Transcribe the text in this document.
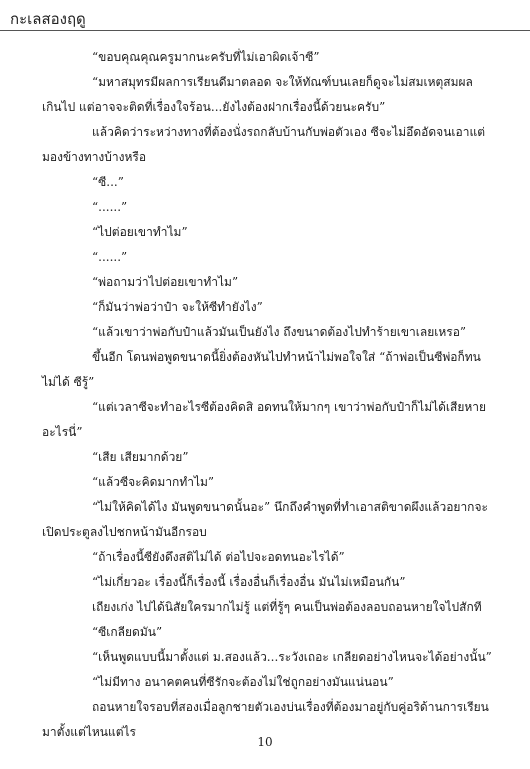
กะเลสองฤดู

“ขอบคุณคุณครูมากนะครับที่ไม่เอาผิดเจ้าซี”

“มหาสมุทรมีผลการเรียนดีมาตลอด จะให้ทัณฑ์บนเลยก็ดูจะไม่สมเหตุสมผลเกินไป แต่อาจจะติดที่เรื่องใจร้อน...ยังไงต้องฝากเรื่องนี้ด้วยนะครับ”

แล้วคิดว่าระหว่างทางที่ต้องนั่งรถกลับบ้านกับพ่อตัวเอง ซีจะไม่อึดอัดจนเอาแต่มองข้างทางบ้างหรือ

“ซี...”

“......”

“ไปต่อยเขาทำไม”

“......”

“พ่อถามว่าไปต่อยเขาทำไม”

“ก็มันว่าพ่อว่าป๋า จะให้ซีทำยังไง”

“แล้วเขาว่าพ่อกับป๋าแล้วมันเป็นยังไง ถึงขนาดต้องไปทำร้ายเขาเลยเหรอ”

ขึ้นอีก โดนพ่อพูดขนาดนี้ยิ่งต้องหันไปทำหน้าไม่พอใจใส่ “ถ้าพ่อเป็นซีพ่อก็ทนไม่ได้ ซีรู้”

“แต่เวลาซีจะทำอะไรซีต้องคิดสิ อดทนให้มากๆ เขาว่าพ่อกับป๋าก็ไม่ได้เสียหายอะไรนี่”

“เสีย เสียมากด้วย”

“แล้วซีจะคิดมากทำไม”

“ไม่ให้คิดได้ไง มันพูดขนาดนั้นอะ” นึกถึงคำพูดที่ทำเอาสติขาดผึงแล้วอยากจะเปิดประตูลงไปชกหน้ามันอีกรอบ

“ถ้าเรื่องนี้ซียังดึงสติไม่ได้ ต่อไปจะอดทนอะไรได้”

“ไม่เกี่ยวอะ เรื่องนี้ก็เรื่องนี้ เรื่องอื่นก็เรื่องอื่น มันไม่เหมือนกัน”

เถียงเก่ง ไปได้นิสัยใครมากไม่รู้ แต่ที่รู้ๆ คนเป็นพ่อต้องลอบถอนหายใจไปสักที

“ซีเกลียดมัน”

“เห็นพูดแบบนี้มาตั้งแต่ ม.สองแล้ว...ระวังเถอะ เกลียดอย่างไหนจะได้อย่างนั้น”

“ไม่มีทาง อนาคตคนที่ซีรักจะต้องไม่ใช่ถูกอย่างมันแน่นอน”

ถอนหายใจรอบที่สองเมื่อลูกชายตัวเองบ่นเรื่องที่ต้องมาอยู่กับคู่อริด้านการเรียนมาตั้งแต่ไหนแต่ไร

10
